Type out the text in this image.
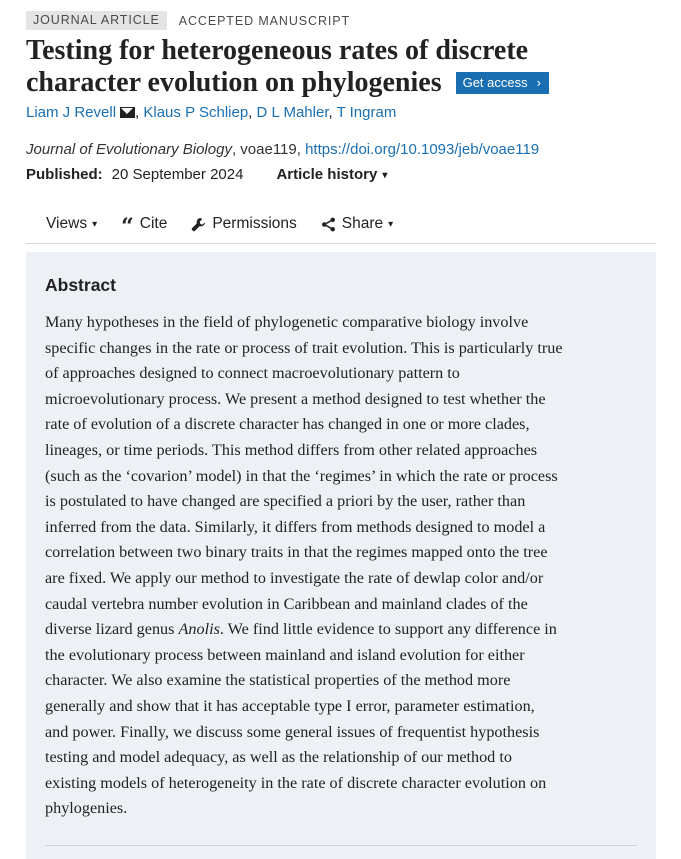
JOURNAL ARTICLE	ACCEPTED MANUSCRIPT
Testing for heterogeneous rates of discrete
character evolution on phylogenies Get access ›
Liam J Revell , Klaus P Schliep, D L Mahler, T Ingram
Journal of Evolutionary Biology, voae119, https://doi.org/10.1093/jeb/voae119
Published: 20 September 2024 Article history ▾
Views ▾ “ Cite	Permissions	Share ▾
Abstract

Many hypotheses in the field of phylogenetic comparative biology involve
specific changes in the rate or process of trait evolution. This is particularly true
of approaches designed to connect macroevolutionary pattern to
microevolutionary process. We present a method designed to test whether the
rate of evolution of a discrete character has changed in one or more clades,
lineages, or time periods. This method differs from other related approaches
(such as the ‘covarion’ model) in that the ‘regimes’ in which the rate or process
is postulated to have changed are specified a priori by the user, rather than
inferred from the data. Similarly, it differs from methods designed to model a
correlation between two binary traits in that the regimes mapped onto the tree
are fixed. We apply our method to investigate the rate of dewlap color and/or
caudal vertebra number evolution in Caribbean and mainland clades of the
diverse lizard genus Anolis. We find little evidence to support any difference in
the evolutionary process between mainland and island evolution for either
character. We also examine the statistical properties of the method more
generally and show that it has acceptable type I error, parameter estimation,
and power. Finally, we discuss some general issues of frequentist hypothesis
testing and model adequacy, as well as the relationship of our method to
existing models of heterogeneity in the rate of discrete character evolution on
phylogenies.
